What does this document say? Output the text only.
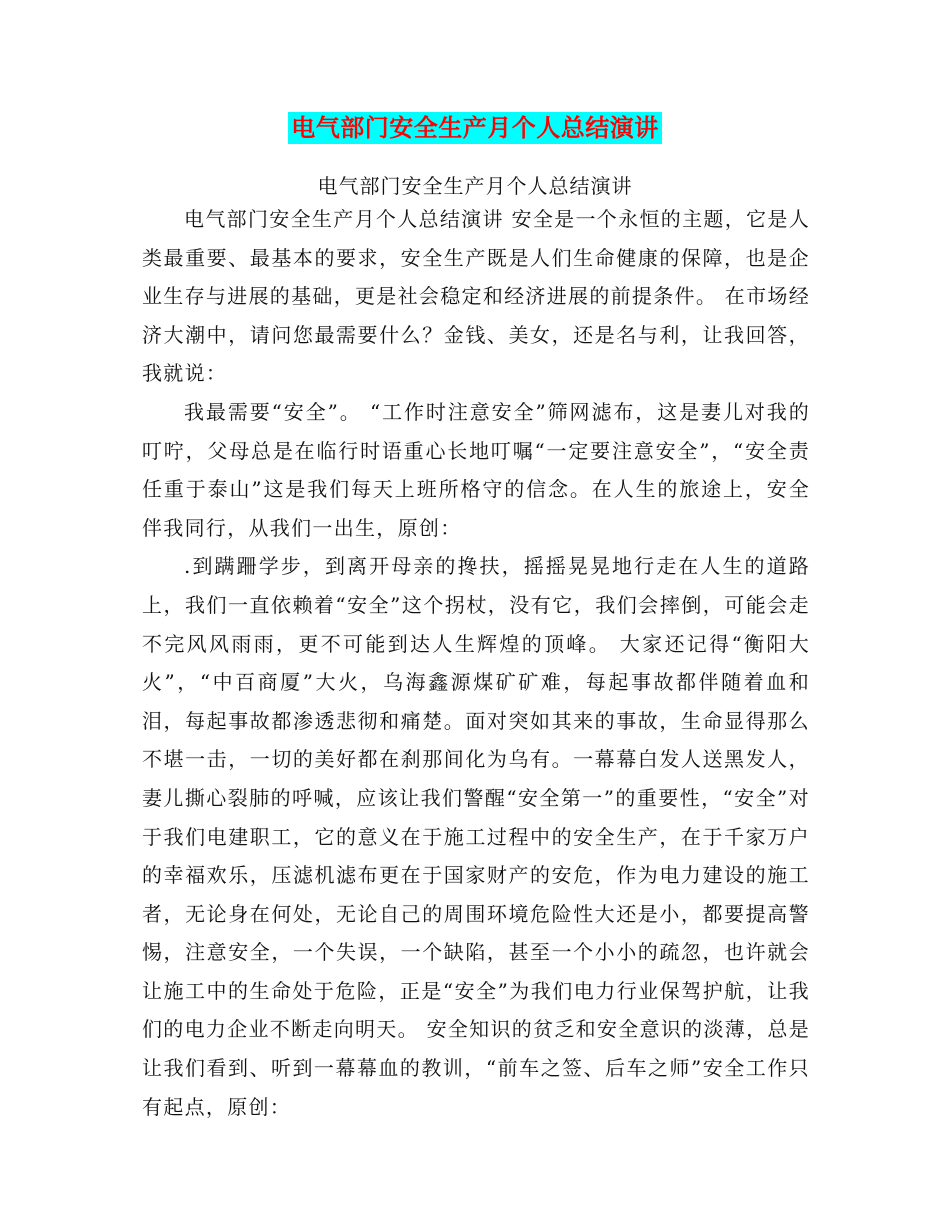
电气部门安全生产月个人总结演讲
电气部门安全生产月个人总结演讲

电气部门安全生产月个人总结演讲 安全是一个永恒的主题，它是人类最重要、最基本的要求，安全生产既是人们生命健康的保障，也是企业生存与进展的基础，更是社会稳定和经济进展的前提条件。 在市场经济大潮中，请问您最需要什么？金钱、美女，还是名与利，让我回答，我就说：

我最需要“安全”。 “工作时注意安全”筛网滤布，这是妻儿对我的叮咛，父母总是在临行时语重心长地叮嘱“一定要注意安全”，“安全责任重于泰山”这是我们每天上班所格守的信念。在人生的旅途上，安全伴我同行，从我们一出生，原创：

.到蹒跚学步，到离开母亲的搀扶，摇摇晃晃地行走在人生的道路上，我们一直依赖着“安全”这个拐杖，没有它，我们会摔倒，可能会走不完风风雨雨，更不可能到达人生辉煌的顶峰。 大家还记得“衡阳大火”，“中百商厦”大火，乌海鑫源煤矿矿难，每起事故都伴随着血和泪，每起事故都渗透悲彻和痛楚。面对突如其来的事故，生命显得那么不堪一击，一切的美好都在刹那间化为乌有。一幕幕白发人送黑发人，妻儿撕心裂肺的呼喊，应该让我们警醒“安全第一”的重要性，“安全”对于我们电建职工，它的意义在于施工过程中的安全生产，在于千家万户的幸福欢乐，压滤机滤布更在于国家财产的安危，作为电力建设的施工者，无论身在何处，无论自己的周围环境危险性大还是小，都要提高警惕，注意安全，一个失误，一个缺陷，甚至一个小小的疏忽，也许就会让施工中的生命处于危险，正是“安全”为我们电力行业保驾护航，让我们的电力企业不断走向明天。 安全知识的贫乏和安全意识的淡薄，总是让我们看到、听到一幕幕血的教训，“前车之签、后车之师”安全工作只有起点，原创：
